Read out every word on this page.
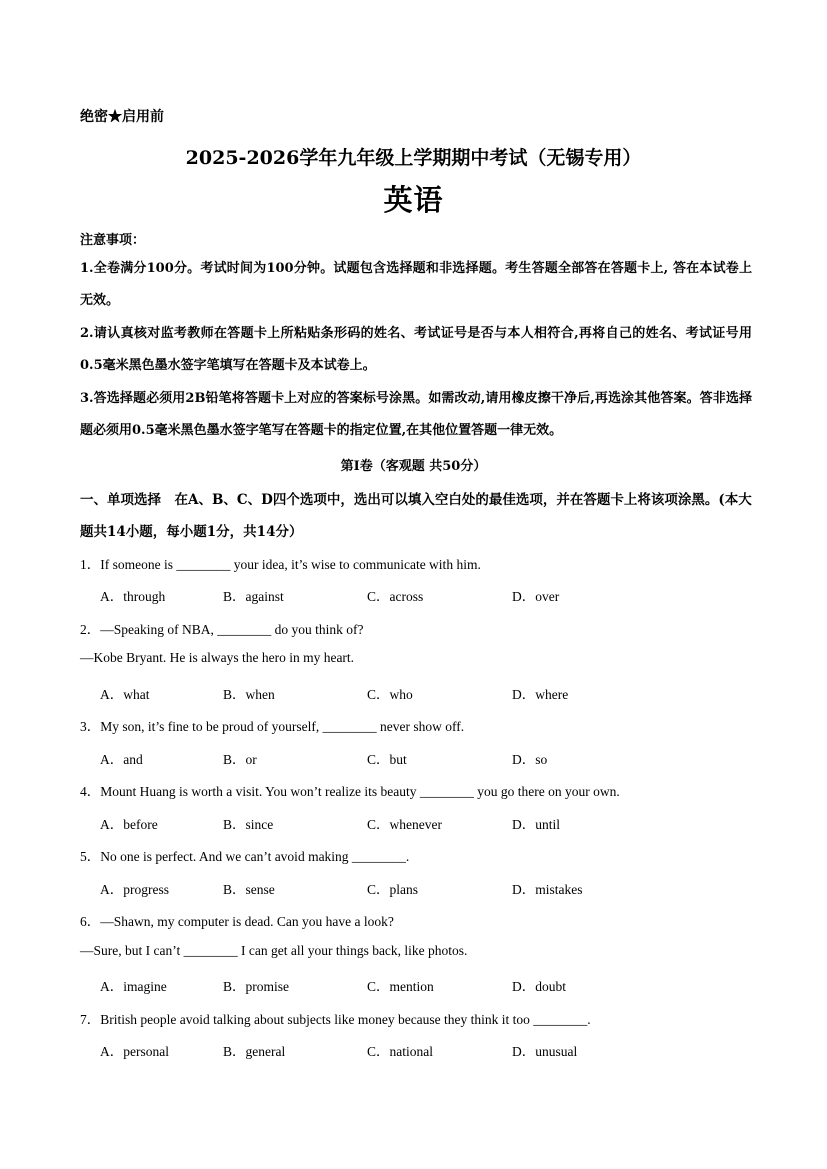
绝密★启用前
2025-2026学年九年级上学期期中考试（无锡专用）
英语
注意事项：
1.全卷满分100分。考试时间为100分钟。试题包含选择题和非选择题。考生答题全部答在答题卡上, 答在本试卷上无效。
2.请认真核对监考教师在答题卡上所粘贴条形码的姓名、考试证号是否与本人相符合,再将自己的姓名、考试证号用0.5毫米黑色墨水签字笔填写在答题卡及本试卷上。
3.答选择题必须用2B铅笔将答题卡上对应的答案标号涂黑。如需改动,请用橡皮擦干净后,再选涂其他答案。答非选择题必须用0.5毫米黑色墨水签字笔写在答题卡的指定位置,在其他位置答题一律无效。
第I卷（客观题 共50分）
一、单项选择　在A、B、C、D四个选项中，选出可以填入空白处的最佳选项，并在答题卡上将该项涂黑。(本大题共14小题，每小题1分，共14分）
1．If someone is ________ your idea, it’s wise to communicate with him.
A．through	B．against	C．across	D．over
2．—Speaking of NBA, ________ do you think of?
—Kobe Bryant. He is always the hero in my heart.
A．what	B．when	C．who	D．where
3．My son, it’s fine to be proud of yourself, ________ never show off.
A．and	B．or	C．but	D．so
4．Mount Huang is worth a visit. You won’t realize its beauty ________ you go there on your own.
A．before	B．since	C．whenever	D．until
5．No one is perfect. And we can’t avoid making ________.
A．progress	B．sense	C．plans	D．mistakes
6．—Shawn, my computer is dead. Can you have a look?
—Sure, but I can’t ________ I can get all your things back, like photos.
A．imagine	B．promise	C．mention	D．doubt
7．British people avoid talking about subjects like money because they think it too ________.
A．personal	B．general	C．national	D．unusual
